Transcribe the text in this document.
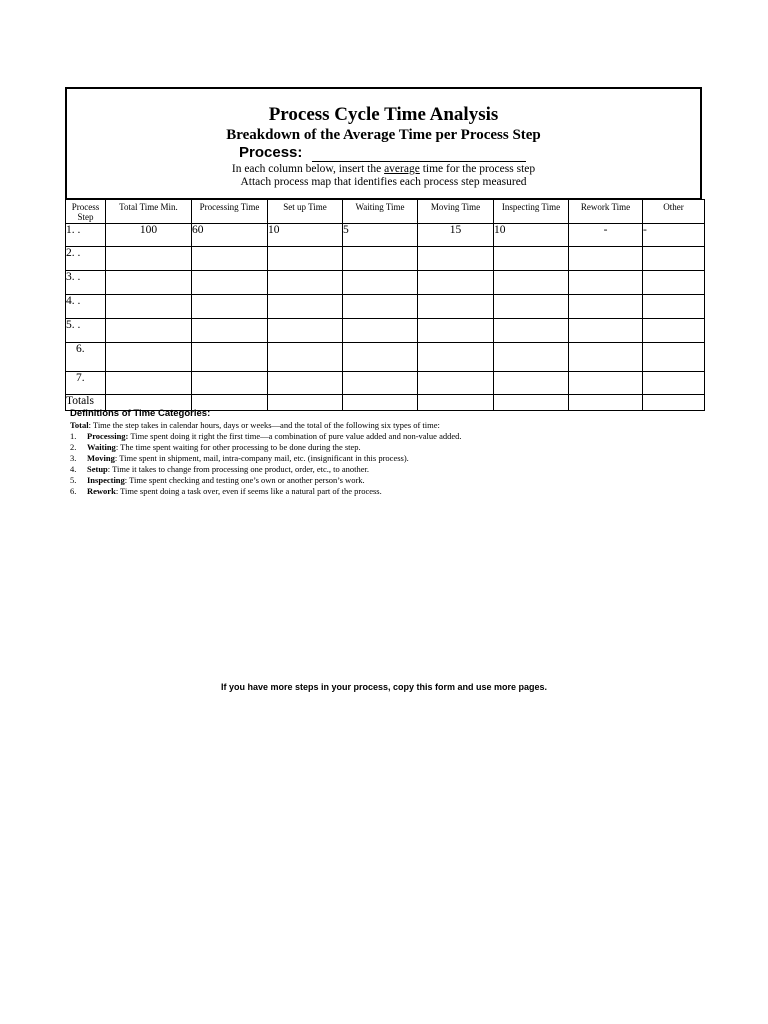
Process Cycle Time Analysis
Breakdown of the Average Time per Process Step
Process:
In each column below, insert the average time for the process step
Attach process map that identifies each process step measured
Process Step	Total Time Min.	Processing Time	Set up Time	Waiting Time	Moving Time	Inspecting Time	Rework Time	Other
1. .	100	60	10	5	15	10	-	-
2. .								
3. .								
4. .								
5. .								
6.								
7.								
Totals								
Definitions of Time Categories:
Total: Time the step takes in calendar hours, days or weeks—and the total of the following six types of time:
1. Processing: Time spent doing it right the first time—a combination of pure value added and non-value added.
2. Waiting: The time spent waiting for other processing to be done during the step.
3. Moving: Time spent in shipment, mail, intra-company mail, etc. (insignificant in this process).
4. Setup: Time it takes to change from processing one product, order, etc., to another.
5. Inspecting: Time spent checking and testing one’s own or another person’s work.
6. Rework: Time spent doing a task over, even if seems like a natural part of the process.
If you have more steps in your process, copy this form and use more pages.
